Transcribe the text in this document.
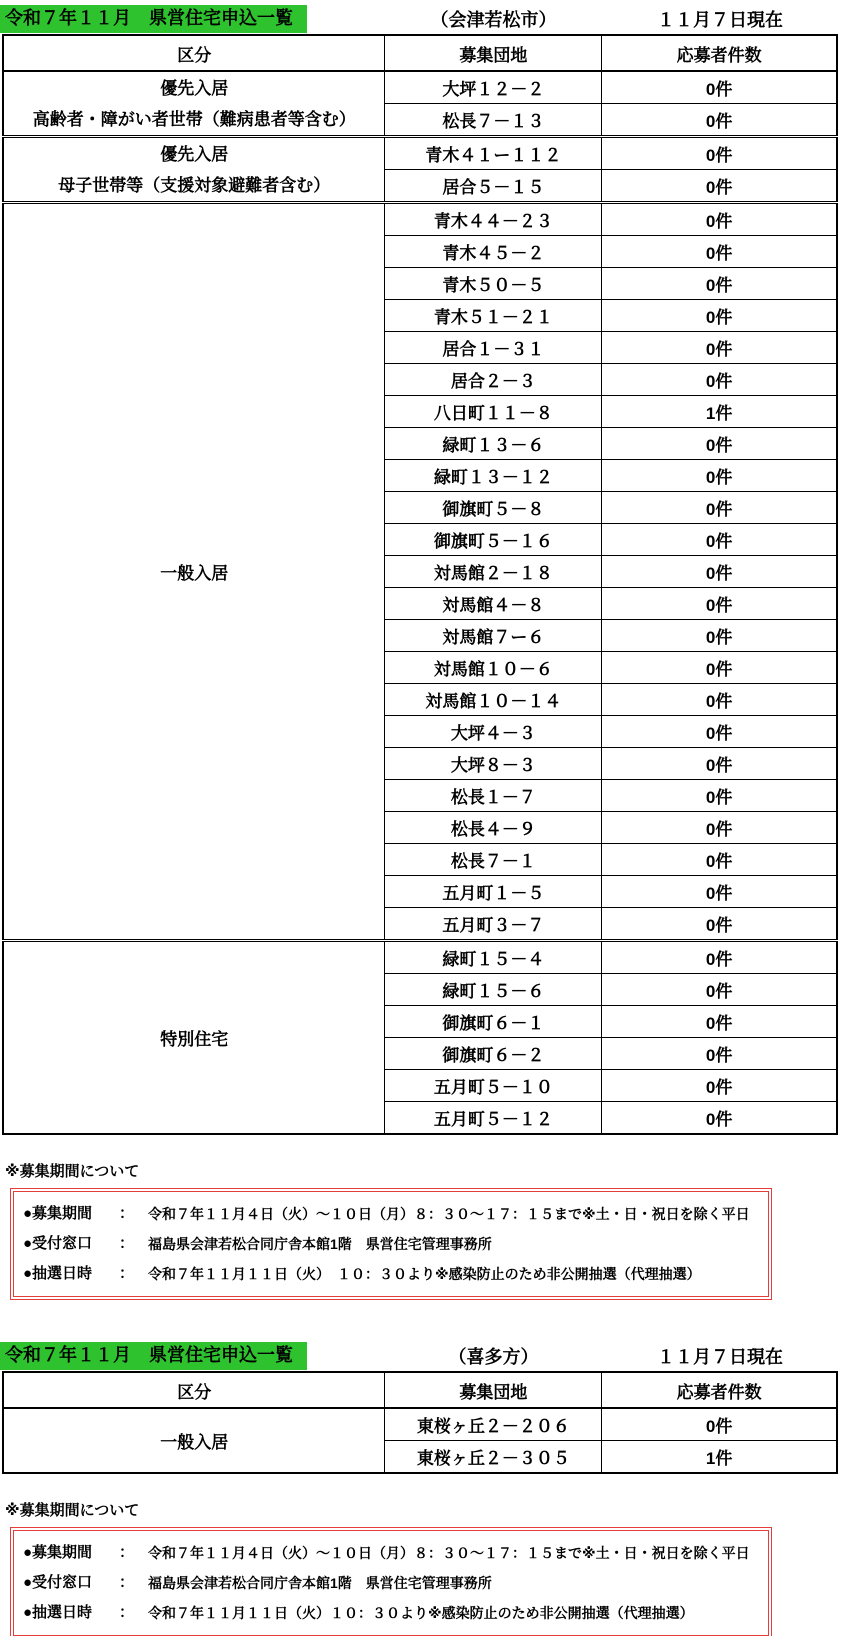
令和７年１１月　県営住宅申込一覧	（会津若松市）	１１月７日現在
区分	募集団地	応募者件数

優先入居
高齢者・障がい者世帯（難病患者等含む）	大坪１２－２	0件
	松長７－１３	0件

優先入居
母子世帯等（支援対象避難者含む）	青木４１ー１１２	0件
	居合５－１５	0件

一般入居	青木４４－２３	0件
	青木４５－２	0件
	青木５０－５	0件
	青木５１－２１	0件
	居合１－３１	0件
	居合２－３	0件
	八日町１１－８	1件
	緑町１３－６	0件
	緑町１３－１２	0件
	御旗町５－８	0件
	御旗町５－１６	0件
	対馬館２－１８	0件
	対馬館４－８	0件
	対馬館７ー６	0件
	対馬館１０－６	0件
	対馬館１０－１４	0件
	大坪４－３	0件
	大坪８－３	0件
	松長１－７	0件
	松長４－９	0件
	松長７－１	0件
	五月町１－５	0件
	五月町３－７	0件

特別住宅	緑町１５－４	0件
	緑町１５－６	0件
	御旗町６－１	0件
	御旗町６－２	0件
	五月町５－１０	0件
	五月町５－１２	0件
※募集期間について
●募集期間	： 令和７年１１月４日（火）～１０日（月）８：３０～１７：１５まで※土・日・祝日を除く平日
●受付窓口	： 福島県会津若松合同庁舎本館1階　県営住宅管理事務所
●抽選日時	： 令和７年１１月１１日（火）　１０：３０より※感染防止のため非公開抽選（代理抽選）
令和７年１１月　県営住宅申込一覧	（喜多方）	１１月７日現在
区分	募集団地	応募者件数

一般入居	東桜ヶ丘２－２０６	0件
	東桜ヶ丘２－３０５	1件
※募集期間について
●募集期間	： 令和７年１１月４日（火）～１０日（月）８：３０～１７：１５まで※土・日・祝日を除く平日
●受付窓口	： 福島県会津若松合同庁舎本館1階　県営住宅管理事務所
●抽選日時	： 令和７年１１月１１日（火）１０：３０より※感染防止のため非公開抽選（代理抽選）
